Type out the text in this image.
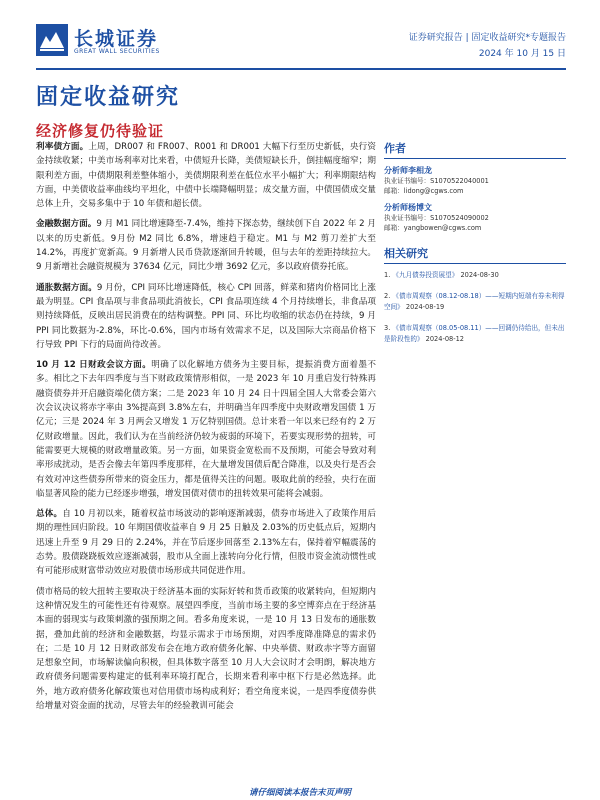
长城证券
GREAT WALL SECURITIES
证券研究报告 | 固定收益研究*专题报告
2024 年 10 月 15 日
固定收益研究
经济修复仍待验证

利率债方面。上周，DR007 和 FR007、R001 和 DR001 大幅下行至历史新低，央行资金持续收紧；中美市场利率对比来看，中债短升长降，美债短缺长升，倒挂幅度缩窄；期限利差方面，中债期限利差整体缩小，美债期限利差在低位水平小幅扩大；利率期限结构方面，中美债收益率曲线均平坦化，中债中长端降幅明显；成交量方面，中债国债成交量总体上升，交易多集中于 10 年债和超长债。

金融数据方面。9 月 M1 同比增速降至-7.4%，维持下探态势，继续创下自 2022 年 2 月以来的历史新低。9月份 M2 同比 6.8%，增速趋于稳定。M1 与 M2 剪刀差扩大至 14.2%，再度扩宽新高。9 月新增人民币贷款逐渐回升转暖，但与去年的差距持续拉大。9 月新增社会融资规模为 37634 亿元，同比少增 3692 亿元，多以政府债券托底。

通胀数据方面。9 月份，CPI 同环比增速降低，核心 CPI 回落，鲜菜和猪肉价格同比上涨最为明显。CPI 食品项与非食品项此消彼长，CPI 食品项连续 4 个月持续增长，非食品项则持续降低，反映出居民消费在的结构调整。PPI 同、环比均收缩的状态仍在持续，9 月 PPI 同比数据为-2.8%，环比-0.6%，国内市场有效需求不足，以及国际大宗商品价格下行导致 PPI 下行的局面尚待改善。

10 月 12 日财政会议方面。明确了以化解地方债务为主要目标，提振消费方面着墨不多。相比之下去年四季度与当下财政政策情形相似，一是 2023 年 10 月重启发行特殊再融资债券并开启融资端化债方案；二是 2023 年 10 月 24 日十四届全国人大常委会第六次会议决议将赤字率由 3%提高到 3.8%左右，并明确当年四季度中央财政增发国债 1 万亿元；三是 2024 年 3 月两会又增发 1 万亿特别国债。总计来看一年以来已经有约 2 万亿财政增量。因此，我们认为在当前经济仍较为疲弱的环境下，若要实现形势的扭转，可能需要更大规模的财政增量政策。另一方面，如果资金宽松而不及预期，可能会导致对利率形成扰动，是否会像去年第四季度那样，在大量增发国债后配合降准，以及央行是否会有效对冲这些债券所带来的资金压力，都是值得关注的问题。吸取此前的经验，央行在面临显著风险的能力已经逐步增强，增发国债对债市的扭转效果可能将会减弱。

总体。自 10 月初以来，随着权益市场波动的影响逐渐减弱，债券市场进入了政策作用后期的理性回归阶段。10 年期国债收益率自 9 月 25 日触及 2.03%的历史低点后，短期内迅速上升至 9 月 29 日的 2.24%，并在节后逐步回落至 2.13%左右，保持着窄幅震荡的态势。股债跷跷板效应逐渐减弱，股市从全面上涨转向分化行情，但股市资金流动惯性或有可能形成财富带动效应对股债市场形成共同促进作用。

债市格局的较大扭转主要取决于经济基本面的实际好转和货币政策的收紧转向，但短期内这种情况发生的可能性还有待观察。展望四季度，当前市场主要的多空博弈点在于经济基本面的弱现实与政策刺激的强预期之间。看多角度来说，一是 10 月 13 日发布的通胀数据，叠加此前的经济和金融数据，均显示需求于市场预期，对四季度降准降息的需求仍在；二是 10 月 12 日财政部发布会在地方政府债务化解、中央举债、财政赤字等方面留足想象空间，市场解读偏向积极，但具体数字落至 10 月人大会议时才会明朗，解决地方政府债务问题需要构建定的低利率环境打配合，长期来看利率中枢下行是必然选择。此外，地方政府债务化解政策也对信用债市场构成利好；看空角度来说，一是四季度债券供给增量对资金面的扰动，尽管去年的经验教训可能会

作者
分析师李相龙
执业证书编号：S1070522040001
邮箱：lidong@cgws.com
分析师杨博文
执业证书编号：S1070524090002
邮箱：yangbowen@cgws.com
相关研究
1. 《九月债券投资展望》 2024-08-30
2. 《债市周观察（08.12-08.18）——短期内短端有券未利得空间》 2024-08-19
3. 《债市周观察（08.05-08.11）——回调仍待给出，但未出是阶段性的》 2024-08-12
请仔细阅读本报告末页声明
